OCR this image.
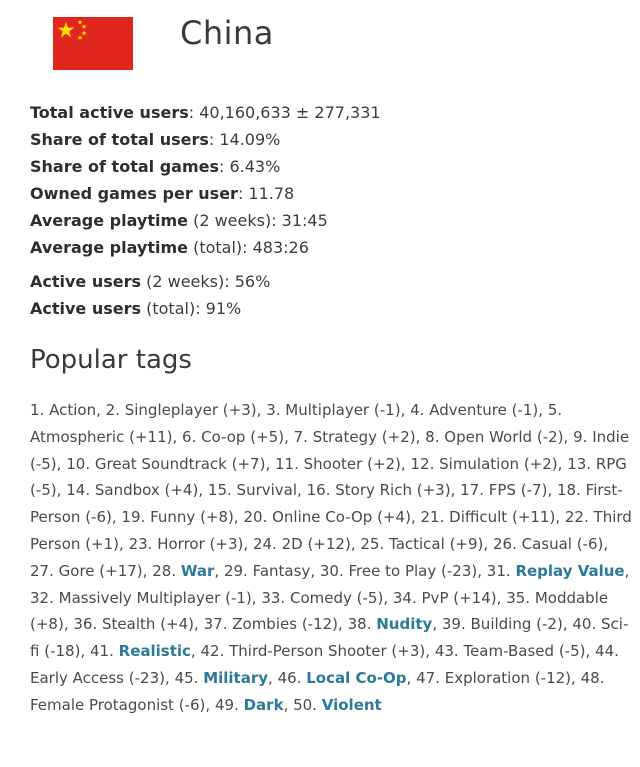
China
Total active users: 40,160,633 ± 277,331
Share of total users: 14.09%
Share of total games: 6.43%
Owned games per user: 11.78
Average playtime (2 weeks): 31:45
Average playtime (total): 483:26
Active users (2 weeks): 56%
Active users (total): 91%
Popular tags
1. Action, 2. Singleplayer (+3), 3. Multiplayer (-1), 4. Adventure (-1), 5. Atmospheric (+11), 6. Co-op (+5), 7. Strategy (+2), 8. Open World (-2), 9. Indie (-5), 10. Great Soundtrack (+7), 11. Shooter (+2), 12. Simulation (+2), 13. RPG (-5), 14. Sandbox (+4), 15. Survival, 16. Story Rich (+3), 17. FPS (-7), 18. First-Person (-6), 19. Funny (+8), 20. Online Co-Op (+4), 21. Difficult (+11), 22. Third Person (+1), 23. Horror (+3), 24. 2D (+12), 25. Tactical (+9), 26. Casual (-6), 27. Gore (+17), 28. War, 29. Fantasy, 30. Free to Play (-23), 31. Replay Value, 32. Massively Multiplayer (-1), 33. Comedy (-5), 34. PvP (+14), 35. Moddable (+8), 36. Stealth (+4), 37. Zombies (-12), 38. Nudity, 39. Building (-2), 40. Sci-fi (-18), 41. Realistic, 42. Third-Person Shooter (+3), 43. Team-Based (-5), 44. Early Access (-23), 45. Military, 46. Local Co-Op, 47. Exploration (-12), 48. Female Protagonist (-6), 49. Dark, 50. Violent
